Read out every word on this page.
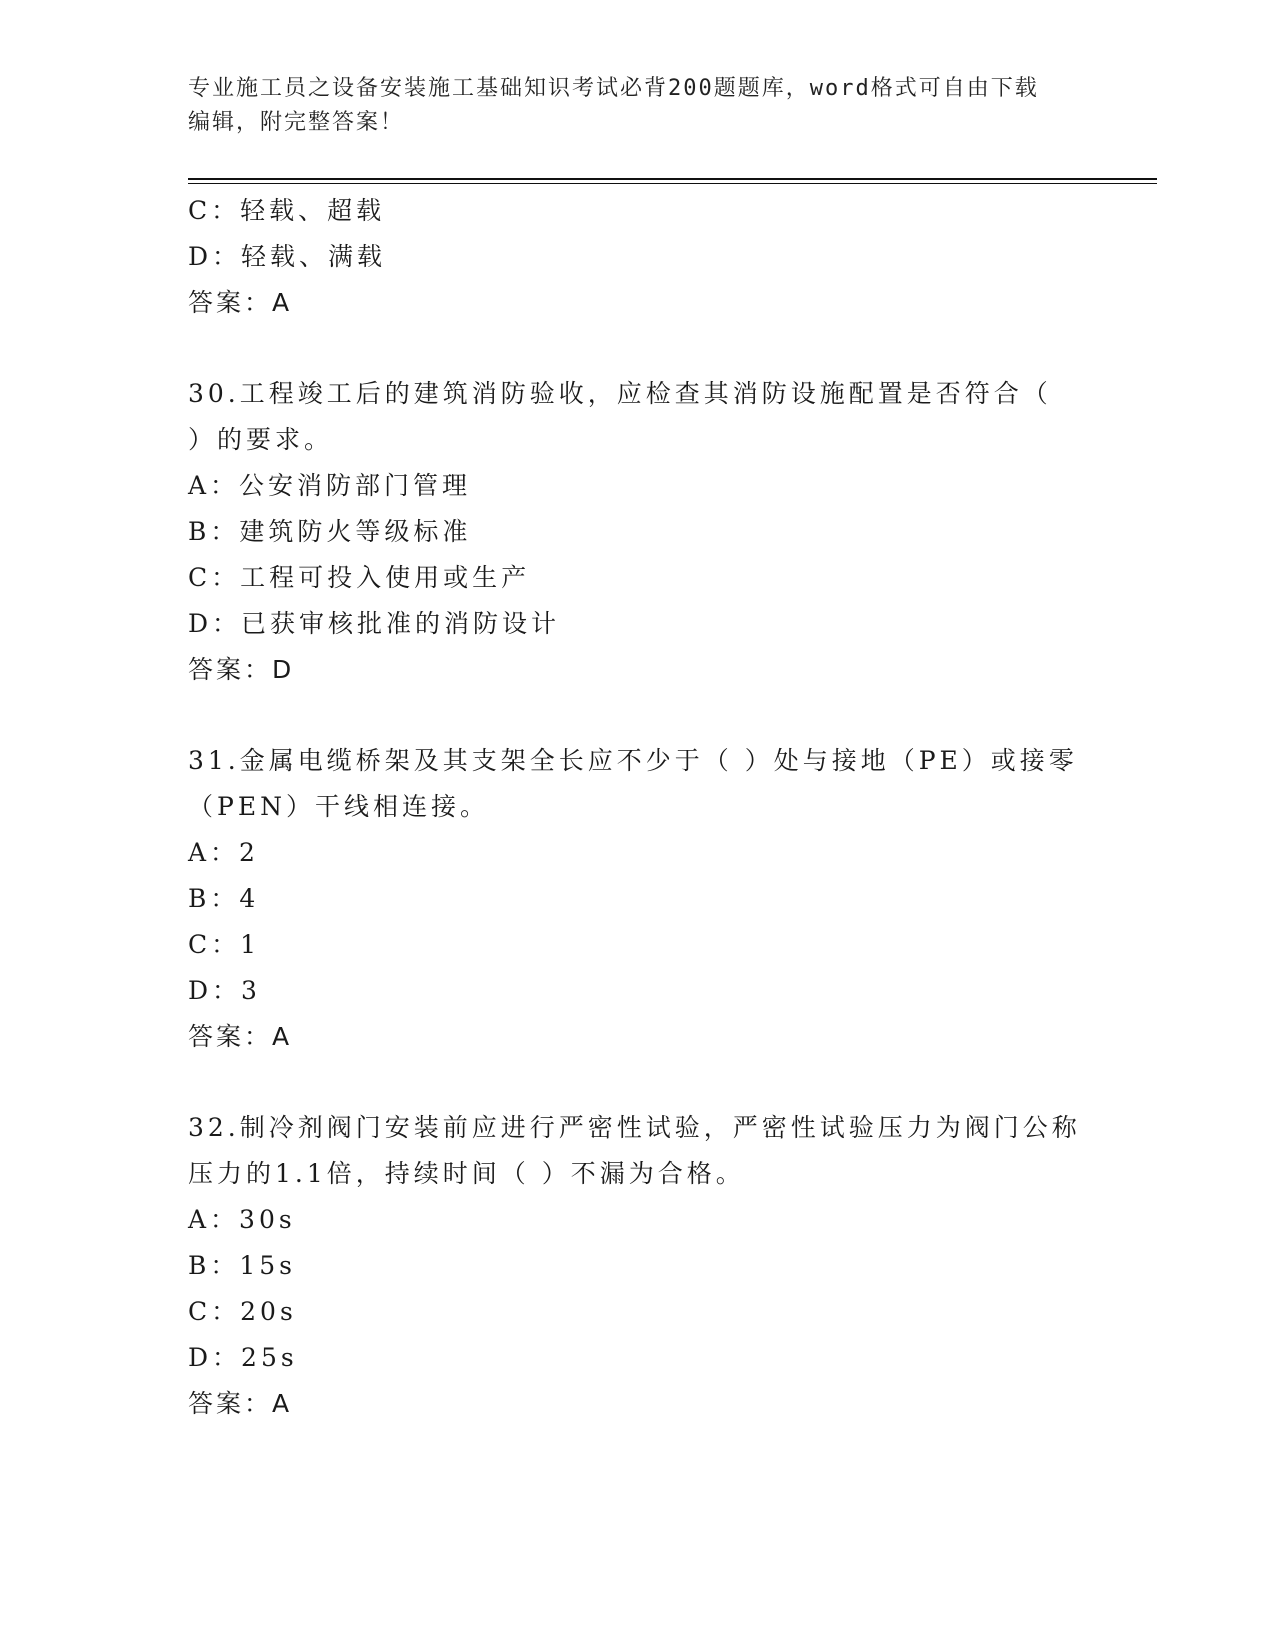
专业施工员之设备安装施工基础知识考试必背200题题库，word格式可自由下载
编辑，附完整答案！
C：轻载、超载
D：轻载、满载
答案：A
30.工程竣工后的建筑消防验收，应检查其消防设施配置是否符合（
）的要求。
A：公安消防部门管理
B：建筑防火等级标准
C：工程可投入使用或生产
D：已获审核批准的消防设计
答案：D
31.金属电缆桥架及其支架全长应不少于（ ）处与接地（PE）或接零
（PEN）干线相连接。
A：2
B：4
C：1
D：3
答案：A
32.制冷剂阀门安装前应进行严密性试验，严密性试验压力为阀门公称
压力的1.1倍，持续时间（ ）不漏为合格。
A：30s
B：15s
C：20s
D：25s
答案：A
